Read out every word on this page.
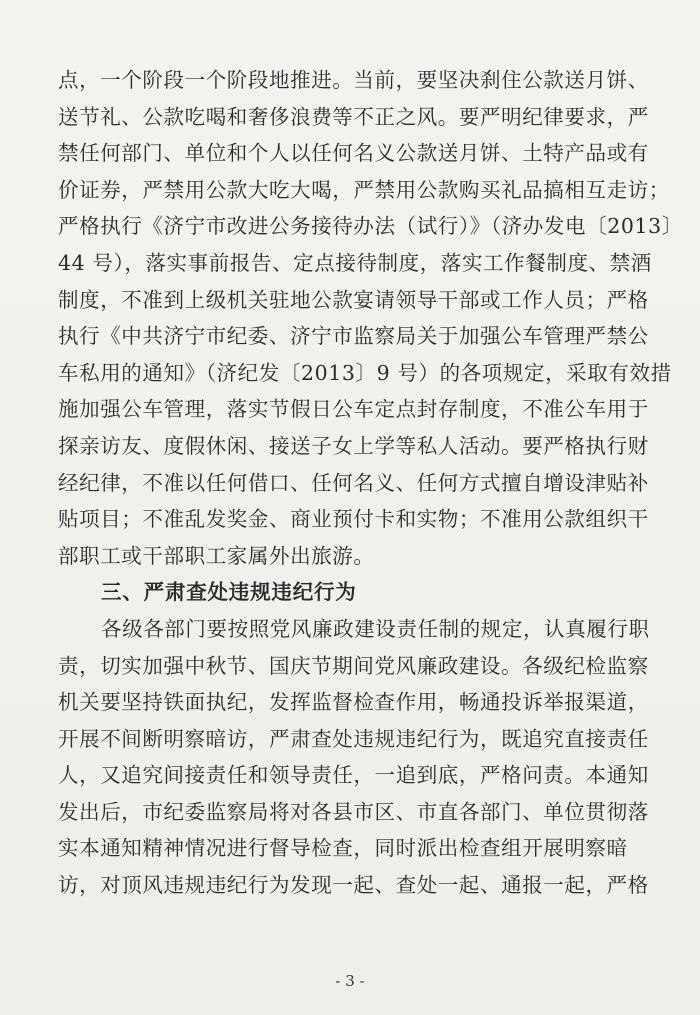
点，一个阶段一个阶段地推进。当前，要坚决刹住公款送月饼、
送节礼、公款吃喝和奢侈浪费等不正之风。要严明纪律要求，严
禁任何部门、单位和个人以任何名义公款送月饼、土特产品或有
价证券，严禁用公款大吃大喝，严禁用公款购买礼品搞相互走访；
严格执行《济宁市改进公务接待办法（试行）》（济办发电〔2013〕
44 号），落实事前报告、定点接待制度，落实工作餐制度、禁酒
制度，不准到上级机关驻地公款宴请领导干部或工作人员；严格
执行《中共济宁市纪委、济宁市监察局关于加强公车管理严禁公
车私用的通知》（济纪发〔2013〕9 号）的各项规定，采取有效措
施加强公车管理，落实节假日公车定点封存制度，不准公车用于
探亲访友、度假休闲、接送子女上学等私人活动。要严格执行财
经纪律，不准以任何借口、任何名义、任何方式擅自增设津贴补
贴项目；不准乱发奖金、商业预付卡和实物；不准用公款组织干
部职工或干部职工家属外出旅游。
三、严肃查处违规违纪行为
各级各部门要按照党风廉政建设责任制的规定，认真履行职
责，切实加强中秋节、国庆节期间党风廉政建设。各级纪检监察
机关要坚持铁面执纪，发挥监督检查作用，畅通投诉举报渠道，
开展不间断明察暗访，严肃查处违规违纪行为，既追究直接责任
人，又追究间接责任和领导责任，一追到底，严格问责。本通知
发出后，市纪委监察局将对各县市区、市直各部门、单位贯彻落
实本通知精神情况进行督导检查，同时派出检查组开展明察暗
访，对顶风违规违纪行为发现一起、查处一起、通报一起，严格
- 3 -
